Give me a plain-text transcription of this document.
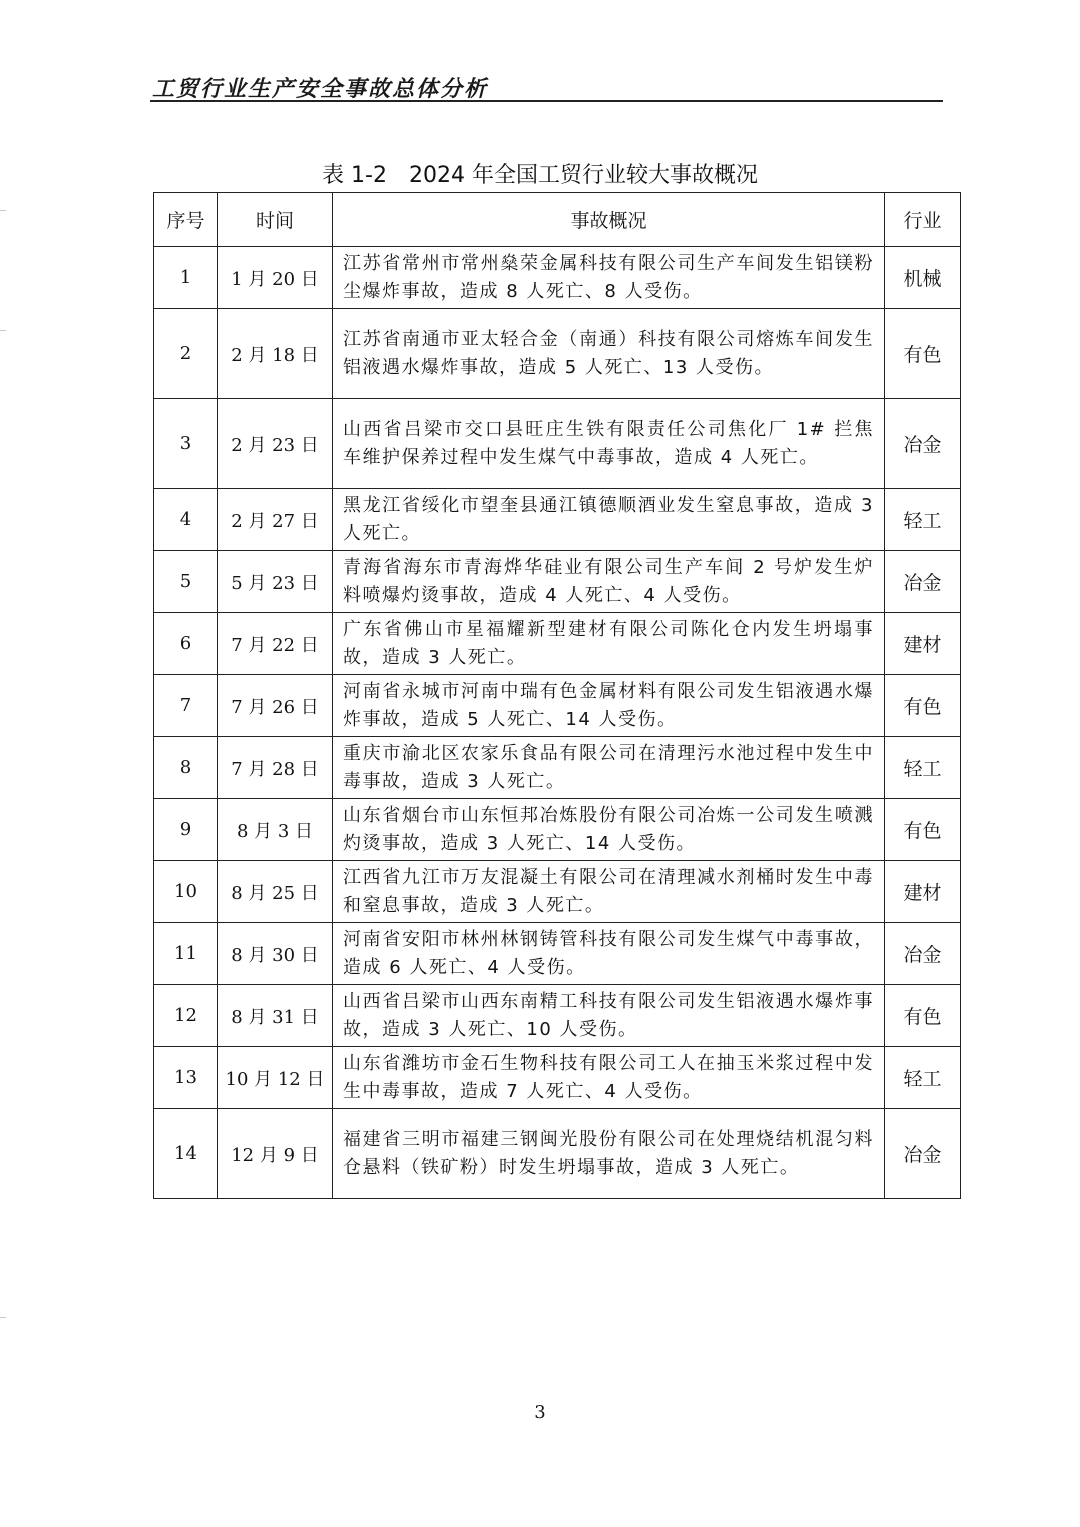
工贸行业生产安全事故总体分析
表 1-2　2024 年全国工贸行业较大事故概况
序号	时间	事故概况	行业
1	1 月 20 日	江苏省常州市常州燊荣金属科技有限公司生产车间发生铝镁粉尘爆炸事故，造成 8 人死亡、8 人受伤。	机械
2	2 月 18 日	江苏省南通市亚太轻合金（南通）科技有限公司熔炼车间发生铝液遇水爆炸事故，造成 5 人死亡、13 人受伤。	有色
3	2 月 23 日	山西省吕梁市交口县旺庄生铁有限责任公司焦化厂 1# 拦焦车维护保养过程中发生煤气中毒事故，造成 4 人死亡。	冶金
4	2 月 27 日	黑龙江省绥化市望奎县通江镇德顺酒业发生窒息事故，造成 3 人死亡。	轻工
5	5 月 23 日	青海省海东市青海烨华硅业有限公司生产车间 2 号炉发生炉料喷爆灼烫事故，造成 4 人死亡、4 人受伤。	冶金
6	7 月 22 日	广东省佛山市星福耀新型建材有限公司陈化仓内发生坍塌事故，造成 3 人死亡。	建材
7	7 月 26 日	河南省永城市河南中瑞有色金属材料有限公司发生铝液遇水爆炸事故，造成 5 人死亡、14 人受伤。	有色
8	7 月 28 日	重庆市渝北区农家乐食品有限公司在清理污水池过程中发生中毒事故，造成 3 人死亡。	轻工
9	8 月 3 日	山东省烟台市山东恒邦冶炼股份有限公司冶炼一公司发生喷溅灼烫事故，造成 3 人死亡、14 人受伤。	有色
10	8 月 25 日	江西省九江市万友混凝土有限公司在清理减水剂桶时发生中毒和窒息事故，造成 3 人死亡。	建材
11	8 月 30 日	河南省安阳市林州林钢铸管科技有限公司发生煤气中毒事故，造成 6 人死亡、4 人受伤。	冶金
12	8 月 31 日	山西省吕梁市山西东南精工科技有限公司发生铝液遇水爆炸事故，造成 3 人死亡、10 人受伤。	有色
13	10 月 12 日	山东省潍坊市金石生物科技有限公司工人在抽玉米浆过程中发生中毒事故，造成 7 人死亡、4 人受伤。	轻工
14	12 月 9 日	福建省三明市福建三钢闽光股份有限公司在处理烧结机混匀料仓悬料（铁矿粉）时发生坍塌事故，造成 3 人死亡。	冶金
3
